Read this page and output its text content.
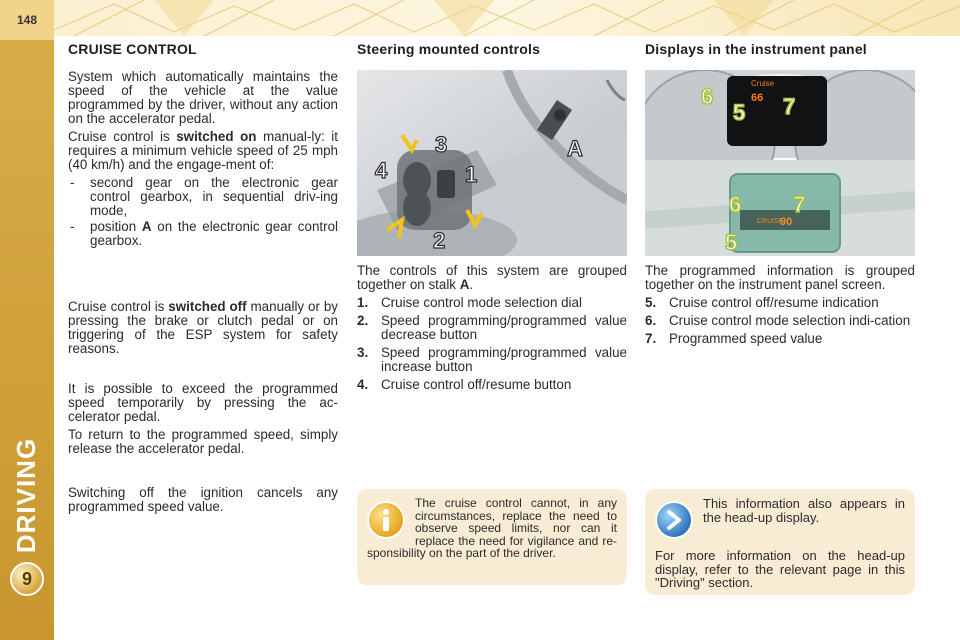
148
DRIVING
9
CRUISE CONTROL

System which automatically maintains the speed of the vehicle at the value programmed by the driver, without any action on the accelerator pedal.

Cruise control is switched on manual-ly: it requires a minimum vehicle speed of 25 mph (40 km/h) and the engage-ment of:

- second gear on the electronic gear control gearbox, in sequential driv-ing mode,
- position A on the electronic gear control gearbox.

Cruise control is switched off manually or by pressing the brake or clutch pedal or on triggering of the ESP system for safety reasons.

It is possible to exceed the programmed speed temporarily by pressing the ac-celerator pedal.

To return to the programmed speed, simply release the accelerator pedal.

Switching off the ignition cancels any programmed speed value.

Steering mounted controls
4
3
1
2
A

The controls of this system are grouped together on stalk A.

1. Cruise control mode selection dial
2. Speed programming/programmed value decrease button
3. Speed programming/programmed value increase button
4. Cruise control off/resume button
Displays in the instrument panel
Cruise
66
CRUISE
90
6
5 7
6
5
7

The programmed information is grouped together on the instrument panel screen.

5. Cruise control off/resume indication
6. Cruise control mode selection indi-cation
7. Programmed speed value

The cruise control cannot, in any circumstances, replace the need to observe speed limits, nor can it replace the need for vigilance and re-sponsibility on the part of the driver.

This information also appears in the head-up display.

For more information on the head-up display, refer to the relevant page in this "Driving" section.
